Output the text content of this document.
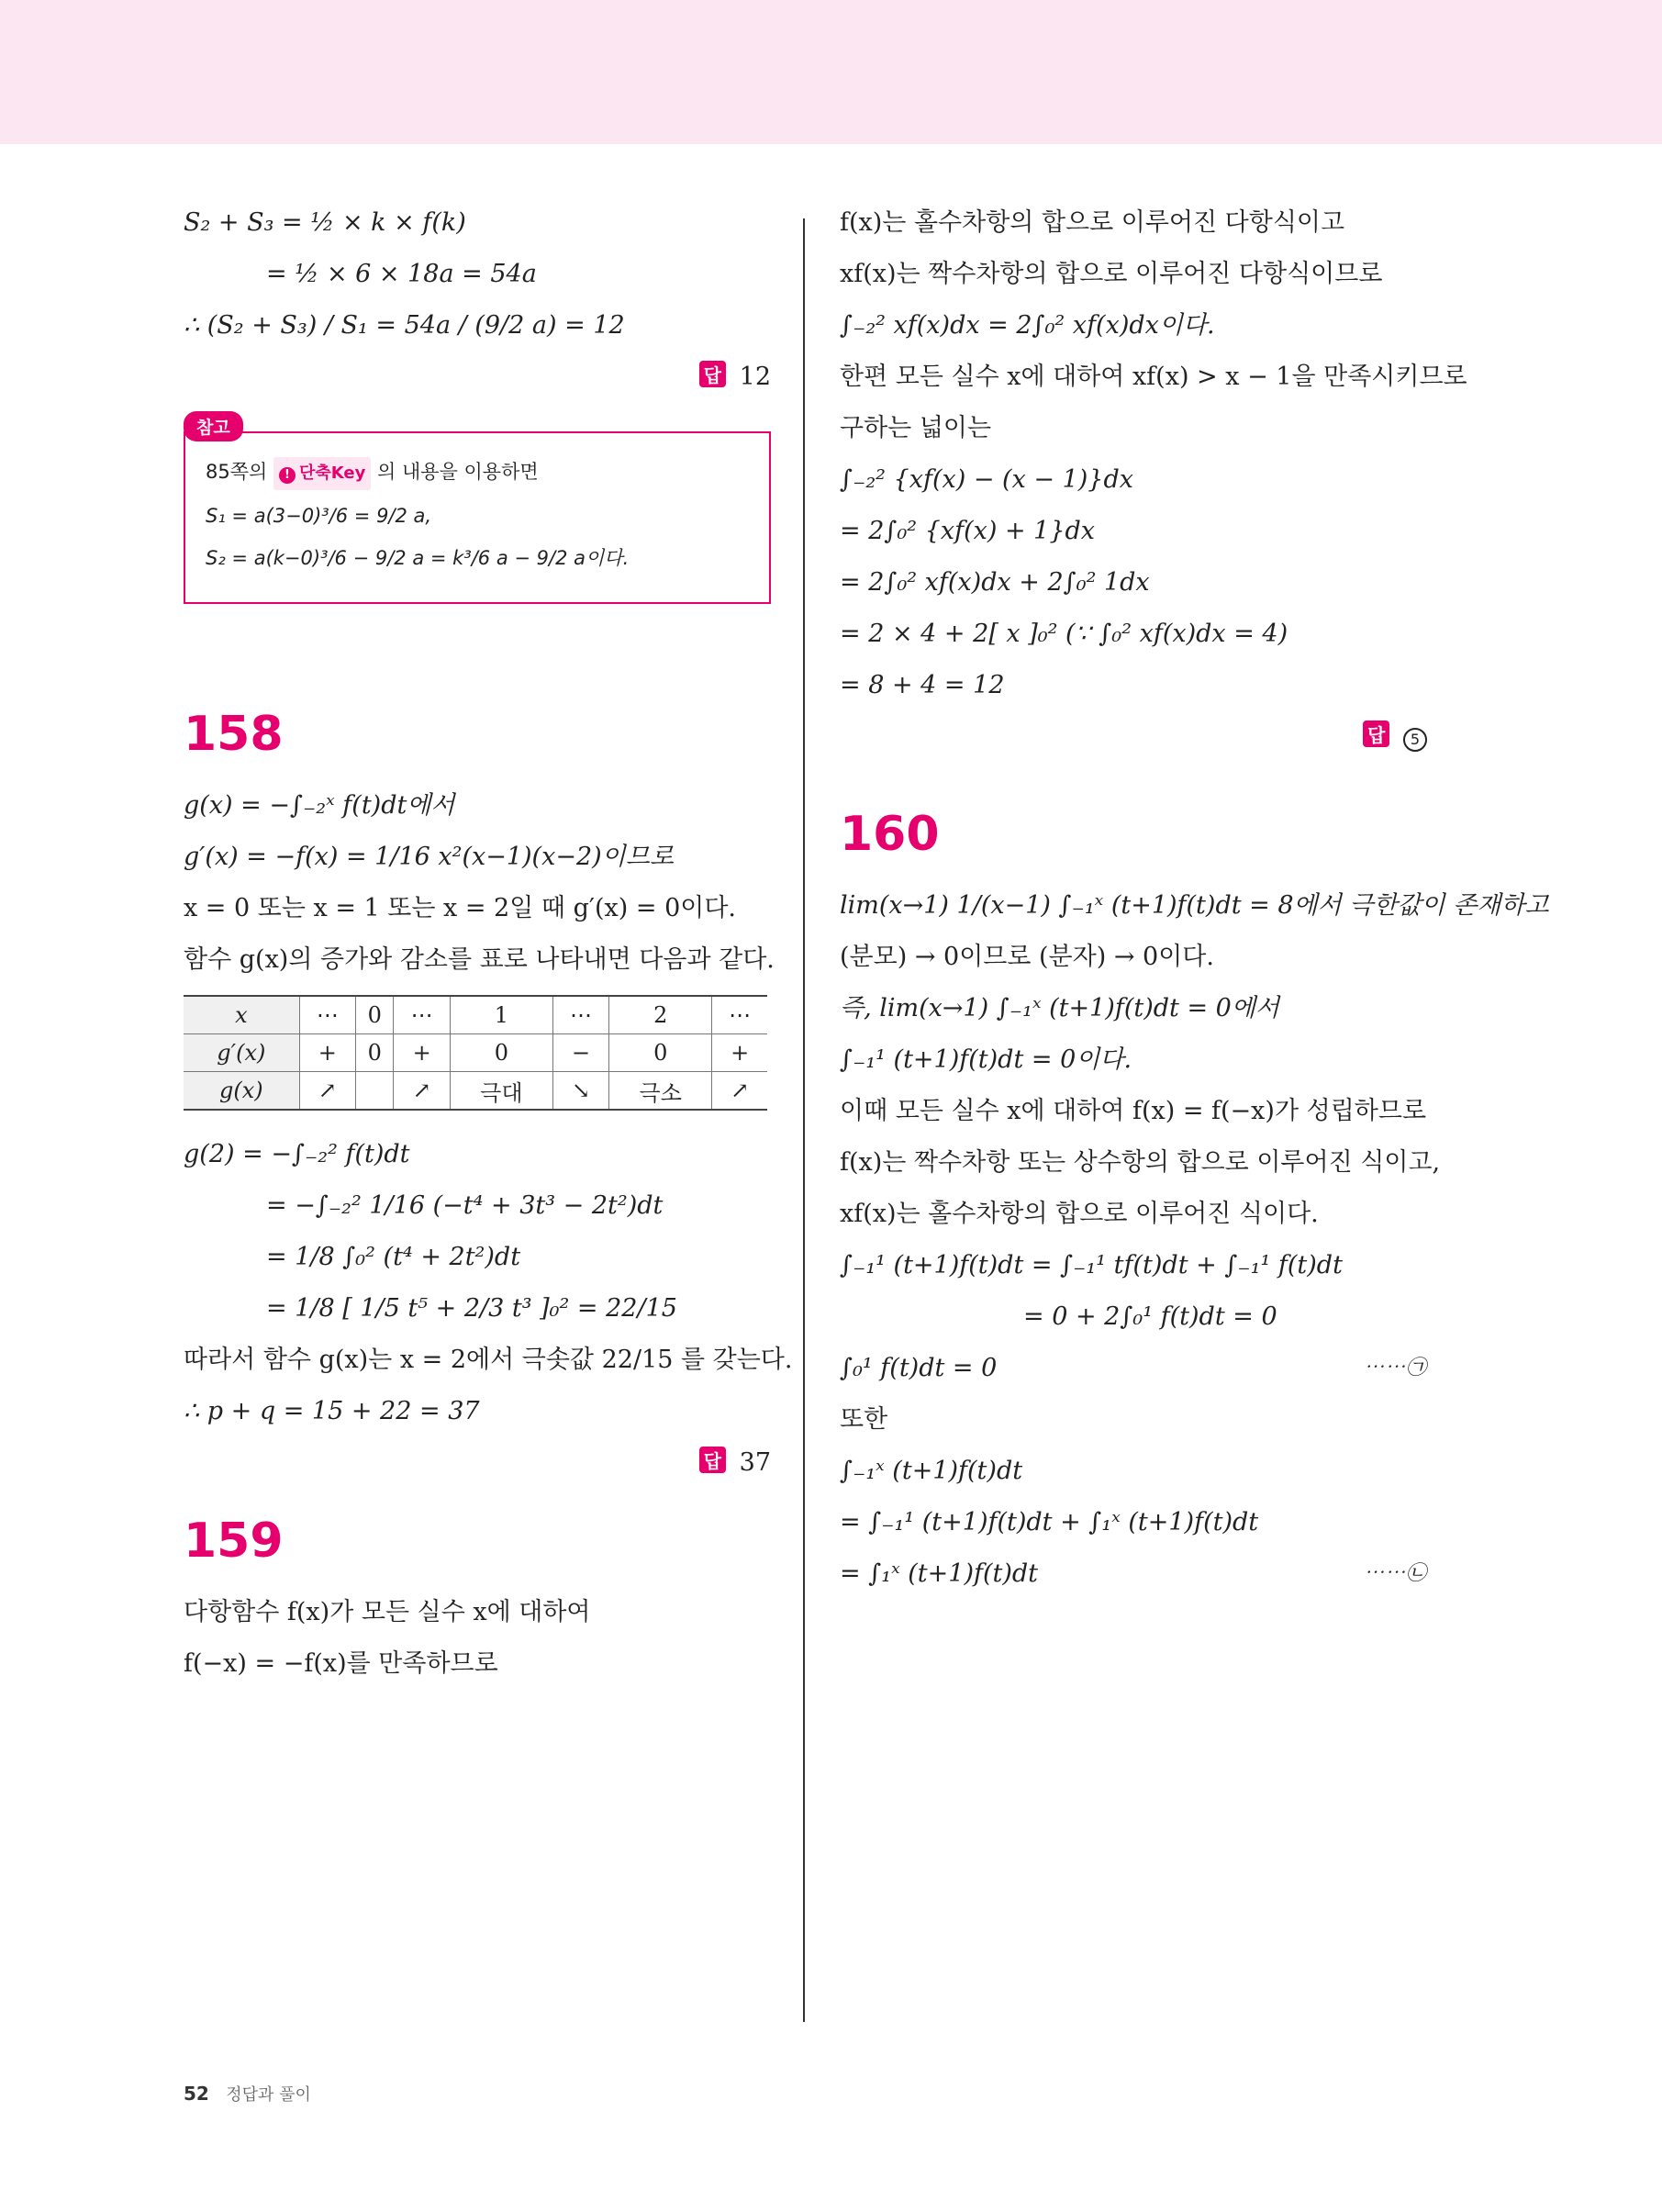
S₂ + S₃ = ½ × k × f(k)
= ½ × 6 × 18a = 54a
∴ (S₂ + S₃) / S₁ = 54a / (9/2 a) = 12
답 12
참고
85쪽의 ! 단축Key 의 내용을 이용하면
S₁ = a(3−0)³/6 = 9/2 a,
S₂ = a(k−0)³/6 − 9/2 a = k³/6 a − 9/2 a이다.
158
g(x) = −∫₋₂ˣ f(t)dt에서
g′(x) = −f(x) = 1/16 x²(x−1)(x−2)이므로
x = 0 또는 x = 1 또는 x = 2일 때 g′(x) = 0이다.
함수 g(x)의 증가와 감소를 표로 나타내면 다음과 같다.
x	⋯	0	⋯	1	⋯	2	⋯
g′(x)	+	0	+	0	−	0	+
g(x)	↗		↗	극대	↘	극소	↗
g(2) = −∫₋₂² f(t)dt
= −∫₋₂² 1/16 (−t⁴ + 3t³ − 2t²)dt
= 1/8 ∫₀² (t⁴ + 2t²)dt
= 1/8 [ 1/5 t⁵ + 2/3 t³ ]₀² = 22/15
따라서 함수 g(x)는 x = 2에서 극솟값 22/15 를 갖는다.
∴ p + q = 15 + 22 = 37
답 37
159
다항함수 f(x)가 모든 실수 x에 대하여
f(−x) = −f(x)를 만족하므로
f(x)는 홀수차항의 합으로 이루어진 다항식이고
xf(x)는 짝수차항의 합으로 이루어진 다항식이므로
∫₋₂² xf(x)dx = 2∫₀² xf(x)dx이다.
한편 모든 실수 x에 대하여 xf(x) > x − 1을 만족시키므로
구하는 넓이는
∫₋₂² {xf(x) − (x − 1)}dx
= 2∫₀² {xf(x) + 1}dx
= 2∫₀² xf(x)dx + 2∫₀² 1dx
= 2 × 4 + 2[ x ]₀² (∵ ∫₀² xf(x)dx = 4)
= 8 + 4 = 12
답 5
160
lim(x→1) 1/(x−1) ∫₋₁ˣ (t+1)f(t)dt = 8에서 극한값이 존재하고
(분모) → 0이므로 (분자) → 0이다.
즉, lim(x→1) ∫₋₁ˣ (t+1)f(t)dt = 0에서
∫₋₁¹ (t+1)f(t)dt = 0이다.
이때 모든 실수 x에 대하여 f(x) = f(−x)가 성립하므로
f(x)는 짝수차항 또는 상수항의 합으로 이루어진 식이고,
xf(x)는 홀수차항의 합으로 이루어진 식이다.
∫₋₁¹ (t+1)f(t)dt = ∫₋₁¹ tf(t)dt + ∫₋₁¹ f(t)dt
= 0 + 2∫₀¹ f(t)dt = 0
∫₀¹ f(t)dt = 0	⋯⋯㉠
또한
∫₋₁ˣ (t+1)f(t)dt
= ∫₋₁¹ (t+1)f(t)dt + ∫₁ˣ (t+1)f(t)dt
= ∫₁ˣ (t+1)f(t)dt	⋯⋯㉡
52 정답과 풀이
